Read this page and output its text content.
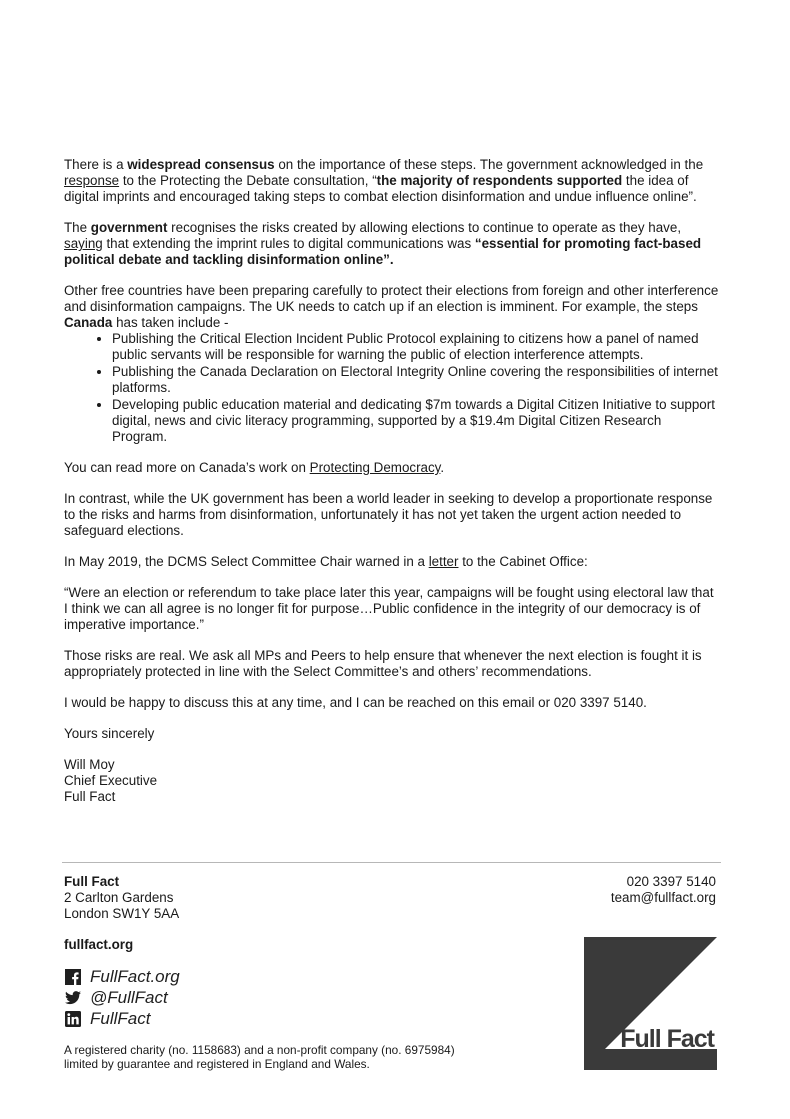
There is a widespread consensus on the importance of these steps. The government acknowledged in the response to the Protecting the Debate consultation, “the majority of respondents supported the idea of digital imprints and encouraged taking steps to combat election disinformation and undue influence online”.

The government recognises the risks created by allowing elections to continue to operate as they have, saying that extending the imprint rules to digital communications was “essential for promoting fact-based political debate and tackling disinformation online”.

Other free countries have been preparing carefully to protect their elections from foreign and other interference and disinformation campaigns. The UK needs to catch up if an election is imminent. For example, the steps Canada has taken include -

• Publishing the Critical Election Incident Public Protocol explaining to citizens how a panel of named public servants will be responsible for warning the public of election interference attempts.
• Publishing the Canada Declaration on Electoral Integrity Online covering the responsibilities of internet platforms.
• Developing public education material and dedicating $7m towards a Digital Citizen Initiative to support digital, news and civic literacy programming, supported by a $19.4m Digital Citizen Research Program.

You can read more on Canada’s work on Protecting Democracy.

In contrast, while the UK government has been a world leader in seeking to develop a proportionate response to the risks and harms from disinformation, unfortunately it has not yet taken the urgent action needed to safeguard elections.

In May 2019, the DCMS Select Committee Chair warned in a letter to the Cabinet Office:

“Were an election or referendum to take place later this year, campaigns will be fought using electoral law that I think we can all agree is no longer fit for purpose…Public confidence in the integrity of our democracy is of imperative importance.”

Those risks are real. We ask all MPs and Peers to help ensure that whenever the next election is fought it is appropriately protected in line with the Select Committee’s and others’ recommendations.

I would be happy to discuss this at any time, and I can be reached on this email or 020 3397 5140.

Yours sincerely

Will Moy

Chief Executive

Full Fact

Full Fact
2 Carlton Gardens
London SW1Y 5AA
020 3397 5140
team@fullfact.org
fullfact.org
FullFact.org
@FullFact
FullFact
A registered charity (no. 1158683) and a non-profit company (no. 6975984)
limited by guarantee and registered in England and Wales.
Full Fact
